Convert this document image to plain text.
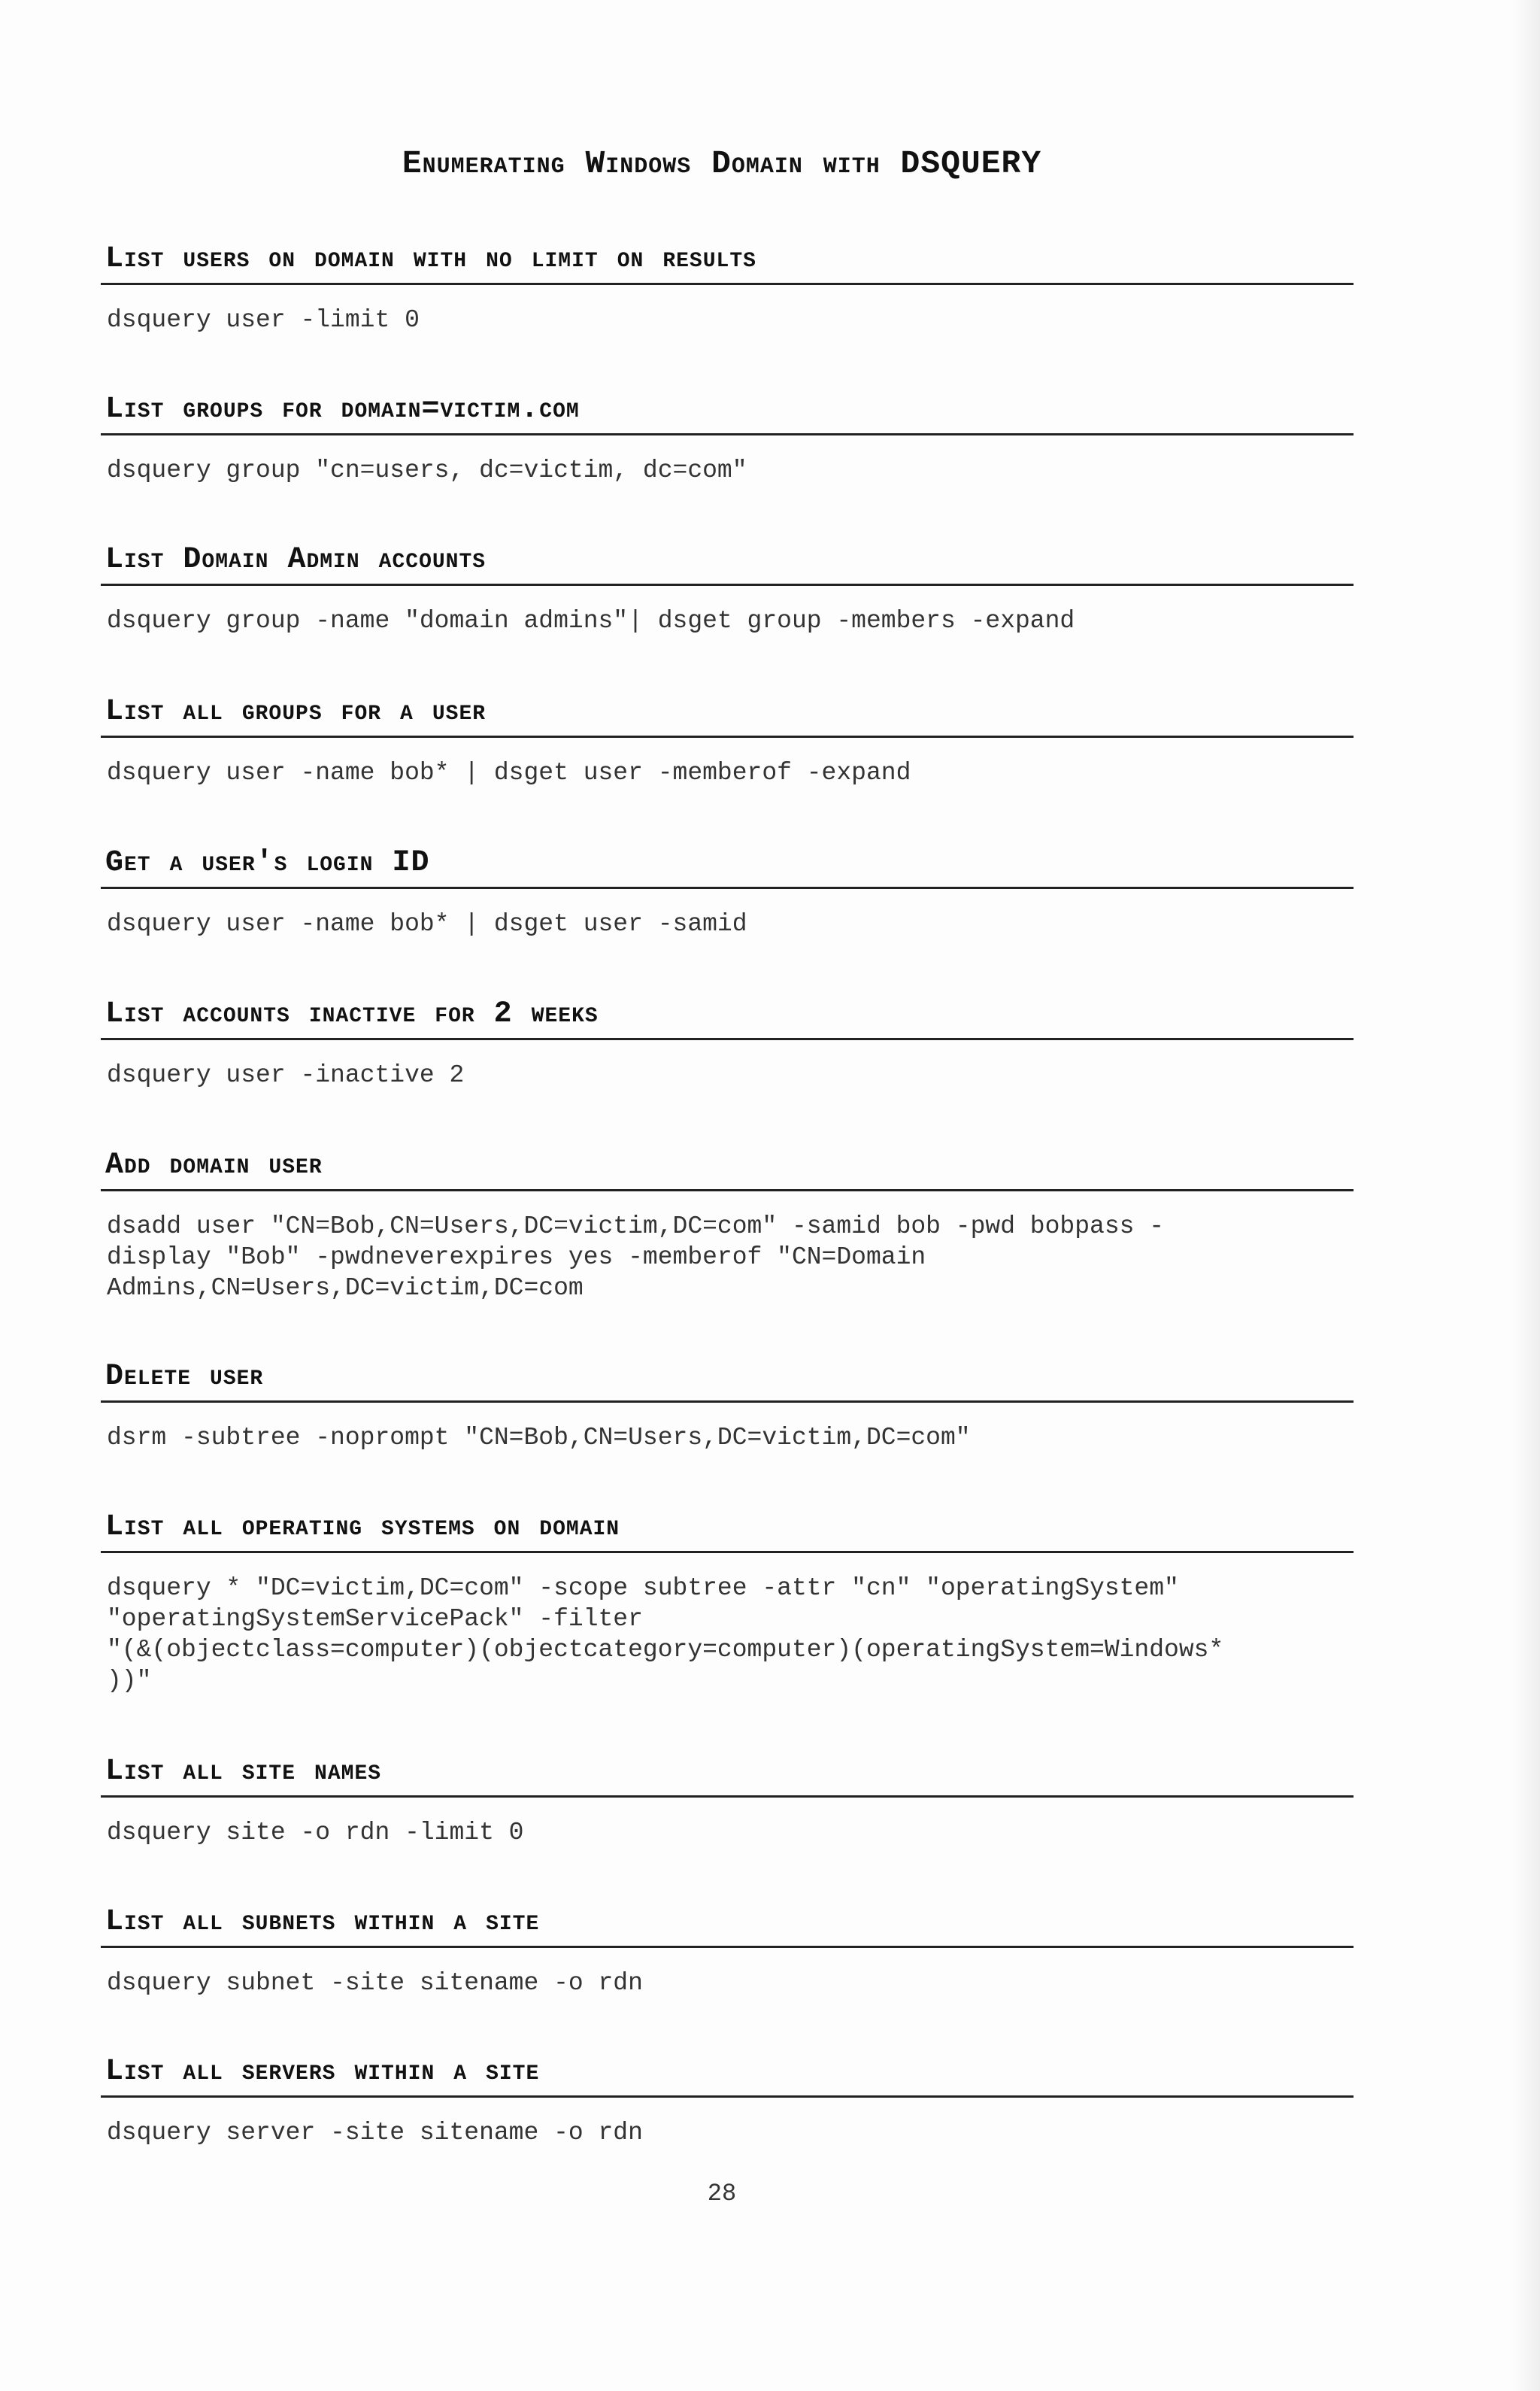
Enumerating Windows Domain with DSQUERY
List users on domain with no limit on results
dsquery user -limit 0
List groups for domain=victim.com
dsquery group "cn=users, dc=victim, dc=com"
List Domain Admin accounts
dsquery group -name "domain admins"| dsget group -members -expand
List all groups for a user
dsquery user -name bob* | dsget user -memberof -expand
Get a user's login ID
dsquery user -name bob* | dsget user -samid
List accounts inactive for 2 weeks
dsquery user -inactive 2
Add domain user
dsadd user "CN=Bob,CN=Users,DC=victim,DC=com" -samid bob -pwd bobpass -
display "Bob" -pwdneverexpires yes -memberof "CN=Domain
Admins,CN=Users,DC=victim,DC=com
Delete user
dsrm -subtree -noprompt "CN=Bob,CN=Users,DC=victim,DC=com"
List all operating systems on domain
dsquery * "DC=victim,DC=com" -scope subtree -attr "cn" "operatingSystem"
"operatingSystemServicePack" -filter
"(&(objectclass=computer)(objectcategory=computer)(operatingSystem=Windows*
))"
List all site names
dsquery site -o rdn -limit 0
List all subnets within a site
dsquery subnet -site sitename -o rdn
List all servers within a site
dsquery server -site sitename -o rdn
28
